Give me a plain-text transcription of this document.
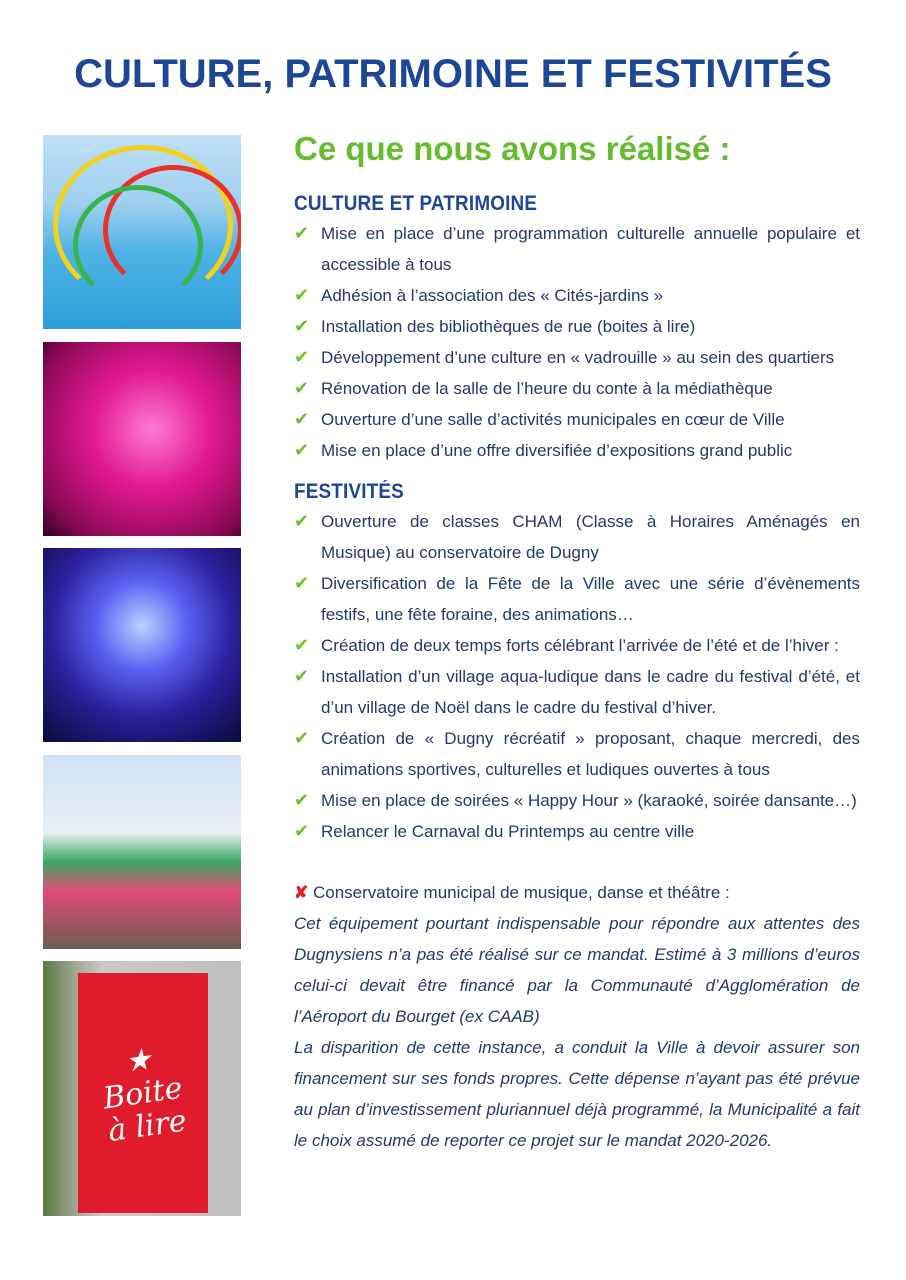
CULTURE, PATRIMOINE ET FESTIVITÉS
★
Boite
à lire
Ce que nous avons réalisé :
CULTURE ET PATRIMOINE
✔ Mise en place d’une programmation culturelle annuelle populaire et accessible à tous
✔ Adhésion à l’association des « Cités-jardins »
✔ Installation des bibliothèques de rue (boites à lire)
✔ Développement d’une culture en « vadrouille » au sein des quartiers
✔ Rénovation de la salle de l’heure du conte à la médiathèque
✔ Ouverture d’une salle d’activités municipales en cœur de Ville
✔ Mise en place d’une offre diversifiée d’expositions grand public
FESTIVITÉS
✔ Ouverture de classes CHAM (Classe à Horaires Aménagés en Musique) au conservatoire de Dugny
✔ Diversification de la Fête de la Ville avec une série d’évènements festifs, une fête foraine, des animations…
✔ Création de deux temps forts célébrant l’arrivée de l’été et de l’hiver :
✔ Installation d’un village aqua-ludique dans le cadre du festival d’été, et d’un village de Noël dans le cadre du festival d’hiver.
✔ Création de « Dugny récréatif » proposant, chaque mercredi, des animations sportives, culturelles et ludiques ouvertes à tous
✔ Mise en place de soirées « Happy Hour » (karaoké, soirée dansante…)
✔ Relancer le Carnaval du Printemps au centre ville
✘ Conservatoire municipal de musique, danse et théâtre :
Cet équipement pourtant indispensable pour répondre aux attentes des Dugnysiens n’a pas été réalisé sur ce mandat. Estimé à 3 millions d’euros celui-ci devait être financé par la Communauté d’Agglomération de l’Aéroport du Bourget (ex CAAB)
La disparition de cette instance, a conduit la Ville à devoir assurer son financement sur ses fonds propres. Cette dépense n’ayant pas été prévue au plan d’investissement pluriannuel déjà programmé, la Municipalité a fait le choix assumé de reporter ce projet sur le mandat 2020-2026.
